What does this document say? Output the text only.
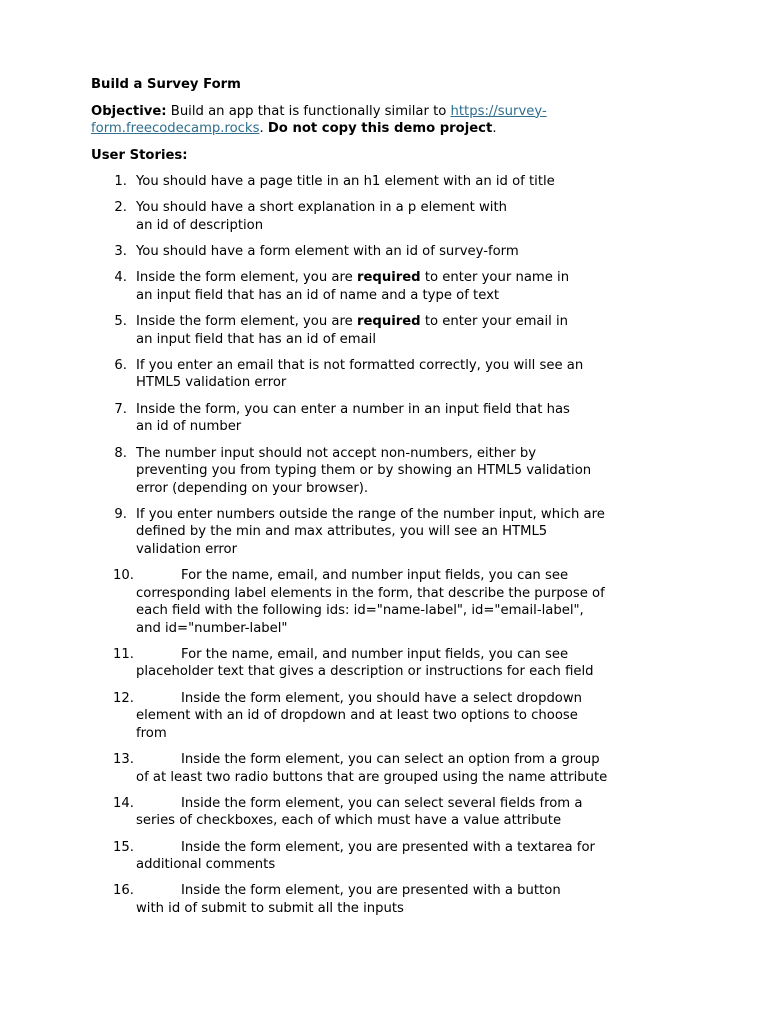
Build a Survey Form
Objective: Build an app that is functionally similar to https://survey-form.freecodecamp.rocks. Do not copy this demo project.
User Stories:
1. You should have a page title in an h1 element with an id of title
2. You should have a short explanation in a p element with
an id of description
3. You should have a form element with an id of survey-form
4. Inside the form element, you are required to enter your name in
an input field that has an id of name and a type of text
5. Inside the form element, you are required to enter your email in
an input field that has an id of email
6. If you enter an email that is not formatted correctly, you will see an
HTML5 validation error
7. Inside the form, you can enter a number in an input field that has
an id of number
8. The number input should not accept non-numbers, either by
preventing you from typing them or by showing an HTML5 validation
error (depending on your browser).
9. If you enter numbers outside the range of the number input, which are
defined by the min and max attributes, you will see an HTML5
validation error
10.	For the name, email, and number input fields, you can see
corresponding label elements in the form, that describe the purpose of
each field with the following ids: id="name-label", id="email-label",
and id="number-label"
11.	For the name, email, and number input fields, you can see
placeholder text that gives a description or instructions for each field
12.	Inside the form element, you should have a select dropdown
element with an id of dropdown and at least two options to choose
from
13.	Inside the form element, you can select an option from a group
of at least two radio buttons that are grouped using the name attribute
14.	Inside the form element, you can select several fields from a
series of checkboxes, each of which must have a value attribute
15.	Inside the form element, you are presented with a textarea for
additional comments
16.	Inside the form element, you are presented with a button
with id of submit to submit all the inputs
